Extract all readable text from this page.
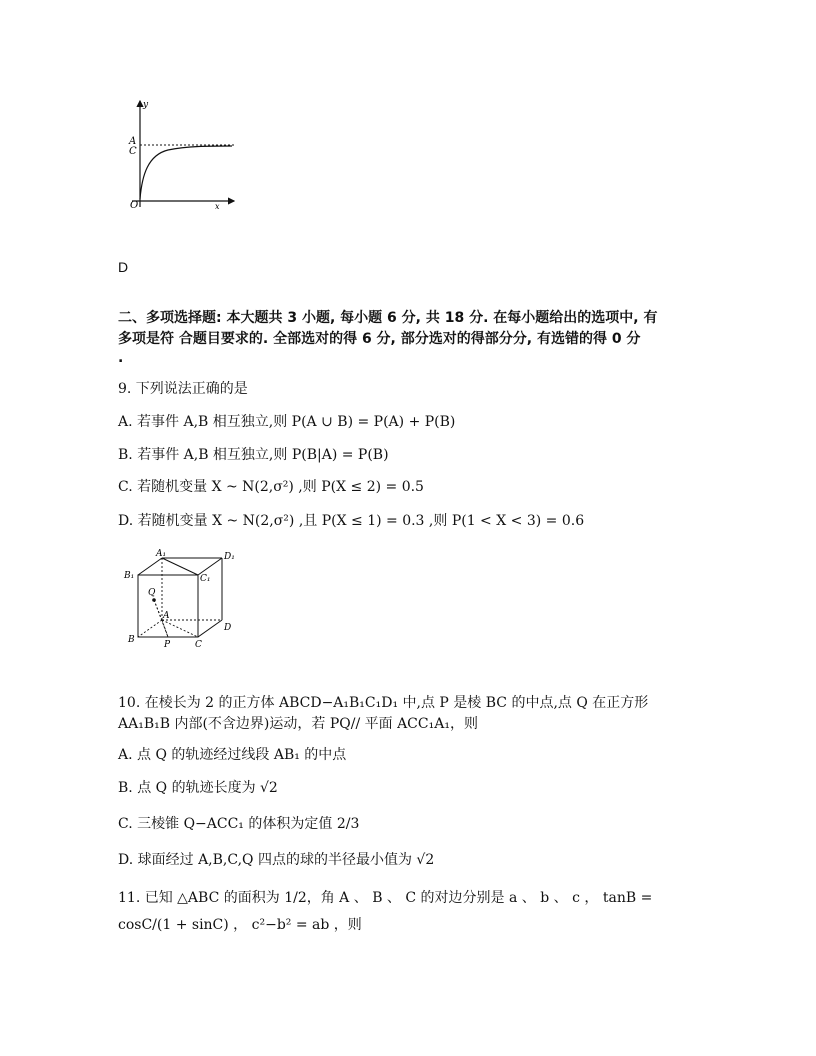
y
x
A
C
O
D
二、多项选择题: 本大题共 3 小题, 每小题 6 分, 共 18 分. 在每小题给出的选项中, 有
多项是符 合题目要求的. 全部选对的得 6 分, 部分选对的得部分分, 有选错的得 0 分
.
9. 下列说法正确的是
A. 若事件 A,B 相互独立,则 P(A ∪ B) = P(A) + P(B)
B. 若事件 A,B 相互独立,则 P(B|A) = P(B)
C. 若随机变量 X ~ N(2,σ²) ,则 P(X ≤ 2) = 0.5
D. 若随机变量 X ~ N(2,σ²) ,且 P(X ≤ 1) = 0.3 ,则 P(1 < X < 3) = 0.6
A₁	D₁
B₁	C₁
Q
A
D
B	P	C
10. 在棱长为 2 的正方体 ABCD−A₁B₁C₁D₁ 中,点 P 是棱 BC 的中点,点 Q 在正方形
AA₁B₁B 内部(不含边界)运动，若 PQ// 平面 ACC₁A₁，则
A. 点 Q 的轨迹经过线段 AB₁ 的中点
B. 点 Q 的轨迹长度为 √2
C. 三棱锥 Q−ACC₁ 的体积为定值 2/3
D. 球面经过 A,B,C,Q 四点的球的半径最小值为 √2
11. 已知 △ABC 的面积为 1/2，角 A 、 B 、 C 的对边分别是 a 、 b 、 c ， tanB =
cosC/(1 + sinC) ， c²−b² = ab ，则
